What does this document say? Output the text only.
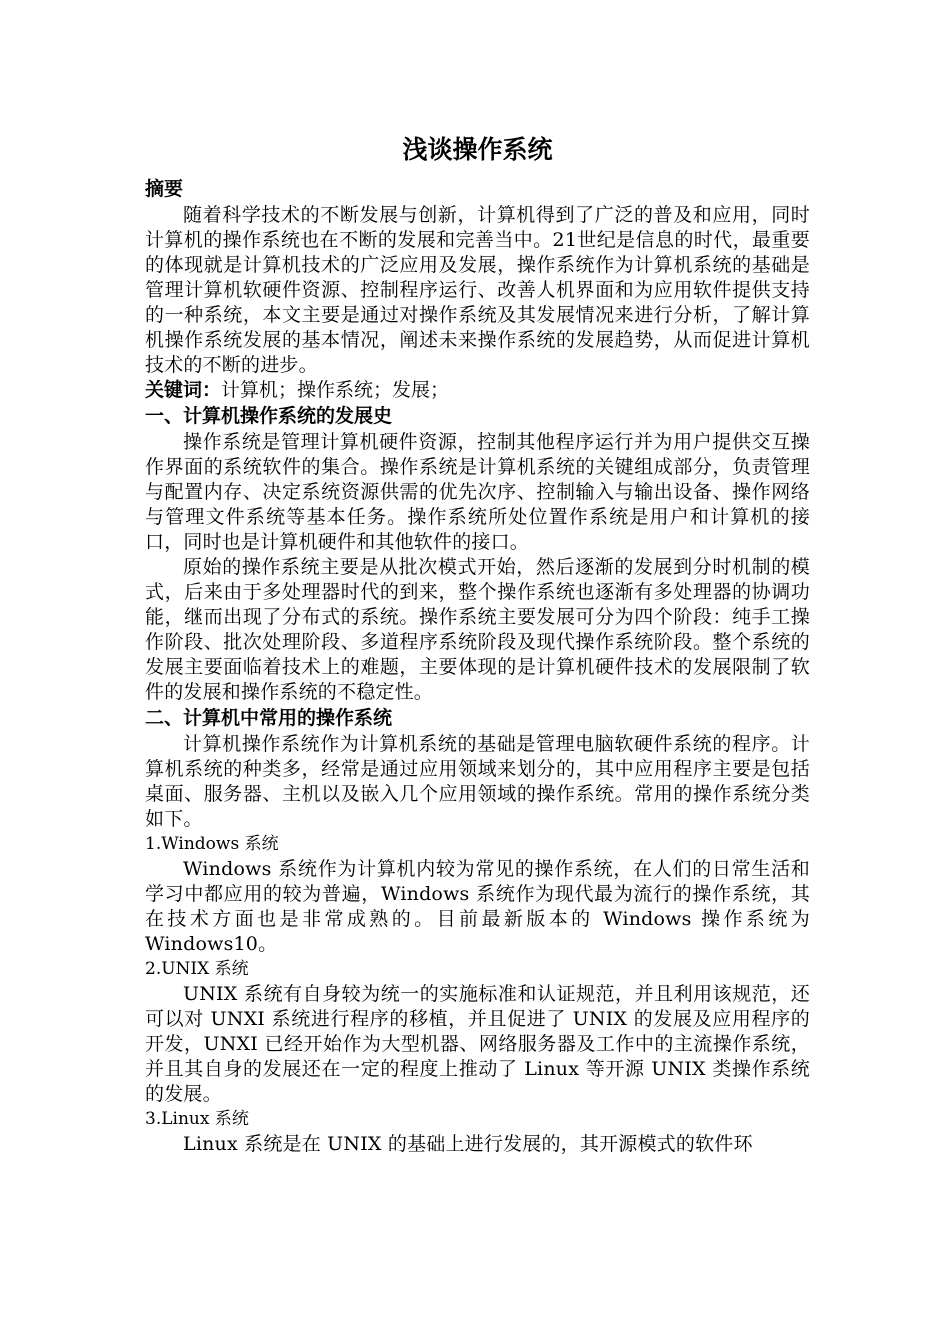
浅谈操作系统
摘要

随着科学技术的不断发展与创新，计算机得到了广泛的普及和应用，同时计算机的操作系统也在不断的发展和完善当中。21世纪是信息的时代，最重要的体现就是计算机技术的广泛应用及发展，操作系统作为计算机系统的基础是管理计算机软硬件资源、控制程序运行、改善人机界面和为应用软件提供支持的一种系统，本文主要是通过对操作系统及其发展情况来进行分析，了解计算机操作系统发展的基本情况，阐述未来操作系统的发展趋势，从而促进计算机技术的不断的进步。

关键词：计算机；操作系统；发展；

一、计算机操作系统的发展史

操作系统是管理计算机硬件资源，控制其他程序运行并为用户提供交互操作界面的系统软件的集合。操作系统是计算机系统的关键组成部分，负责管理与配置内存、决定系统资源供需的优先次序、控制输入与输出设备、操作网络与管理文件系统等基本任务。操作系统所处位置作系统是用户和计算机的接口，同时也是计算机硬件和其他软件的接口。

原始的操作系统主要是从批次模式开始，然后逐渐的发展到分时机制的模式，后来由于多处理器时代的到来，整个操作系统也逐渐有多处理器的协调功能，继而出现了分布式的系统。操作系统主要发展可分为四个阶段：纯手工操作阶段、批次处理阶段、多道程序系统阶段及现代操作系统阶段。整个系统的发展主要面临着技术上的难题，主要体现的是计算机硬件技术的发展限制了软件的发展和操作系统的不稳定性。

二、计算机中常用的操作系统

计算机操作系统作为计算机系统的基础是管理电脑软硬件系统的程序。计算机系统的种类多，经常是通过应用领域来划分的，其中应用程序主要是包括桌面、服务器、主机以及嵌入几个应用领域的操作系统。常用的操作系统分类如下。

1.Windows 系统

Windows 系统作为计算机内较为常见的操作系统，在人们的日常生活和学习中都应用的较为普遍，Windows 系统作为现代最为流行的操作系统，其在技术方面也是非常成熟的。目前最新版本的 Windows 操作系统为 Windows10。

2.UNIX 系统

UNIX 系统有自身较为统一的实施标准和认证规范，并且利用该规范，还可以对 UNXI 系统进行程序的移植，并且促进了 UNIX 的发展及应用程序的开发，UNXI 已经开始作为大型机器、网络服务器及工作中的主流操作系统，并且其自身的发展还在一定的程度上推动了 Linux 等开源 UNIX 类操作系统的发展。

3.Linux 系统

Linux 系统是在 UNIX 的基础上进行发展的，其开源模式的软件环
